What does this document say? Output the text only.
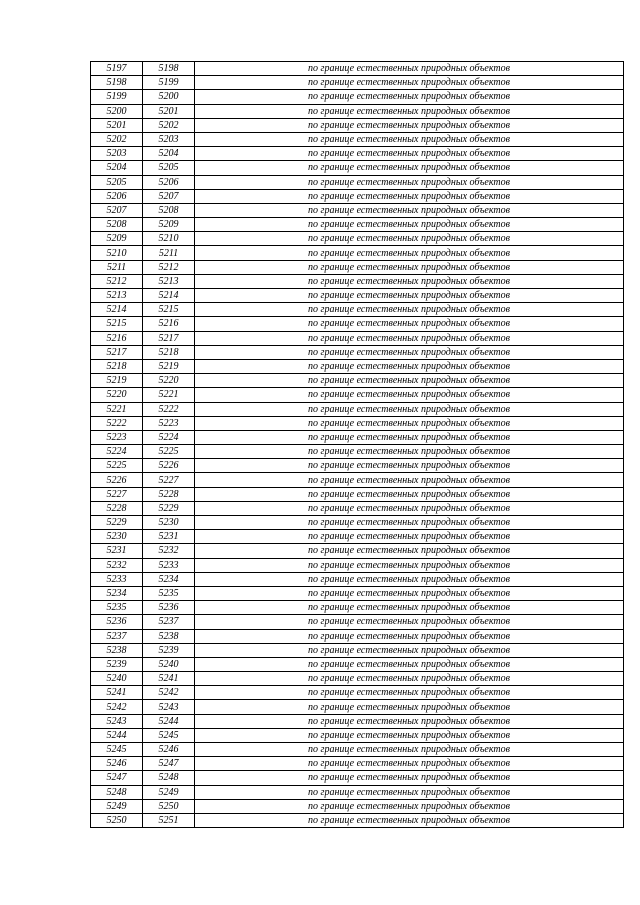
5197	5198	по границе естественных природных объектов
5198	5199	по границе естественных природных объектов
5199	5200	по границе естественных природных объектов
5200	5201	по границе естественных природных объектов
5201	5202	по границе естественных природных объектов
5202	5203	по границе естественных природных объектов
5203	5204	по границе естественных природных объектов
5204	5205	по границе естественных природных объектов
5205	5206	по границе естественных природных объектов
5206	5207	по границе естественных природных объектов
5207	5208	по границе естественных природных объектов
5208	5209	по границе естественных природных объектов
5209	5210	по границе естественных природных объектов
5210	5211	по границе естественных природных объектов
5211	5212	по границе естественных природных объектов
5212	5213	по границе естественных природных объектов
5213	5214	по границе естественных природных объектов
5214	5215	по границе естественных природных объектов
5215	5216	по границе естественных природных объектов
5216	5217	по границе естественных природных объектов
5217	5218	по границе естественных природных объектов
5218	5219	по границе естественных природных объектов
5219	5220	по границе естественных природных объектов
5220	5221	по границе естественных природных объектов
5221	5222	по границе естественных природных объектов
5222	5223	по границе естественных природных объектов
5223	5224	по границе естественных природных объектов
5224	5225	по границе естественных природных объектов
5225	5226	по границе естественных природных объектов
5226	5227	по границе естественных природных объектов
5227	5228	по границе естественных природных объектов
5228	5229	по границе естественных природных объектов
5229	5230	по границе естественных природных объектов
5230	5231	по границе естественных природных объектов
5231	5232	по границе естественных природных объектов
5232	5233	по границе естественных природных объектов
5233	5234	по границе естественных природных объектов
5234	5235	по границе естественных природных объектов
5235	5236	по границе естественных природных объектов
5236	5237	по границе естественных природных объектов
5237	5238	по границе естественных природных объектов
5238	5239	по границе естественных природных объектов
5239	5240	по границе естественных природных объектов
5240	5241	по границе естественных природных объектов
5241	5242	по границе естественных природных объектов
5242	5243	по границе естественных природных объектов
5243	5244	по границе естественных природных объектов
5244	5245	по границе естественных природных объектов
5245	5246	по границе естественных природных объектов
5246	5247	по границе естественных природных объектов
5247	5248	по границе естественных природных объектов
5248	5249	по границе естественных природных объектов
5249	5250	по границе естественных природных объектов
5250	5251	по границе естественных природных объектов
